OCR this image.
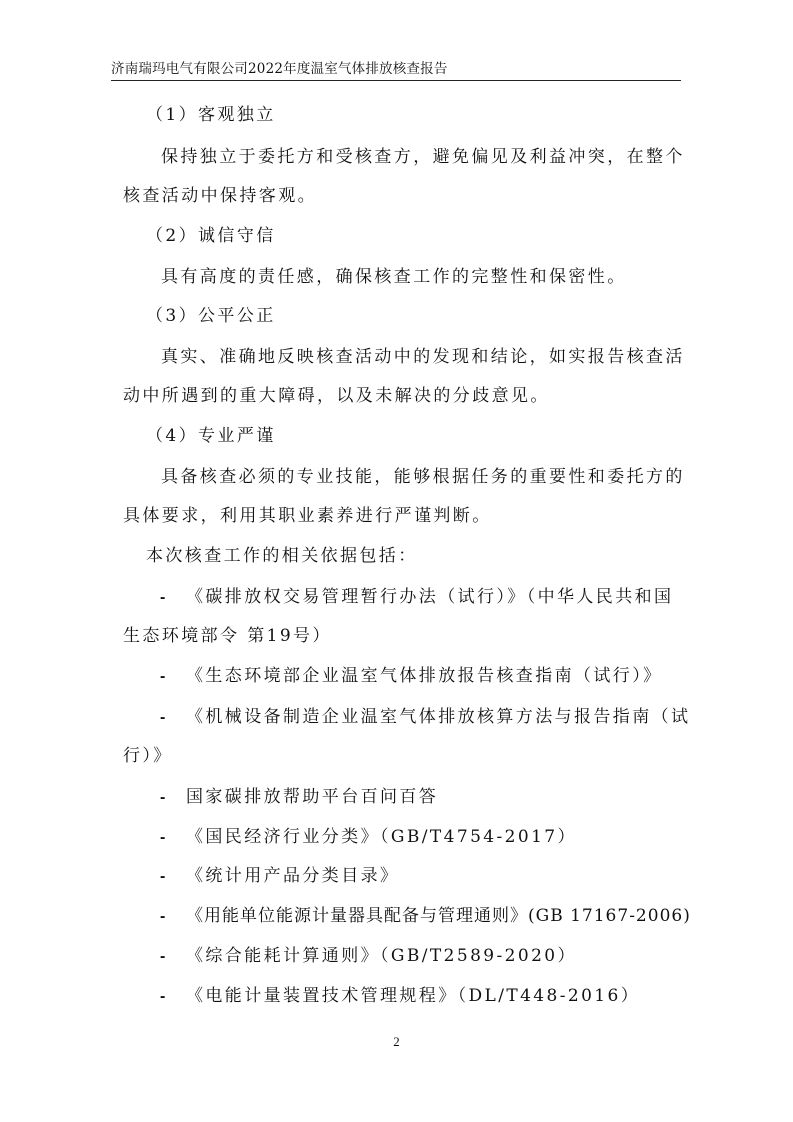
济南瑞玛电气有限公司2022年度温室气体排放核查报告
（1）客观独立
保持独立于委托方和受核查方，避免偏见及利益冲突，在整个
核查活动中保持客观。
（2）诚信守信
具有高度的责任感，确保核查工作的完整性和保密性。
（3）公平公正
真实、准确地反映核查活动中的发现和结论，如实报告核查活
动中所遇到的重大障碍，以及未解决的分歧意见。
（4）专业严谨
具备核查必须的专业技能，能够根据任务的重要性和委托方的
具体要求，利用其职业素养进行严谨判断。
本次核查工作的相关依据包括：
- 《碳排放权交易管理暂行办法（试行）》（中华人民共和国
生态环境部令 第19号）
- 《生态环境部企业温室气体排放报告核查指南（试行）》
- 《机械设备制造企业温室气体排放核算方法与报告指南（试
行）》
- 国家碳排放帮助平台百问百答
- 《国民经济行业分类》（GB/T4754-2017）
- 《统计用产品分类目录》
- 《用能单位能源计量器具配备与管理通则》(GB 17167-2006)
- 《综合能耗计算通则》（GB/T2589-2020）
- 《电能计量装置技术管理规程》（DL/T448-2016）
2
